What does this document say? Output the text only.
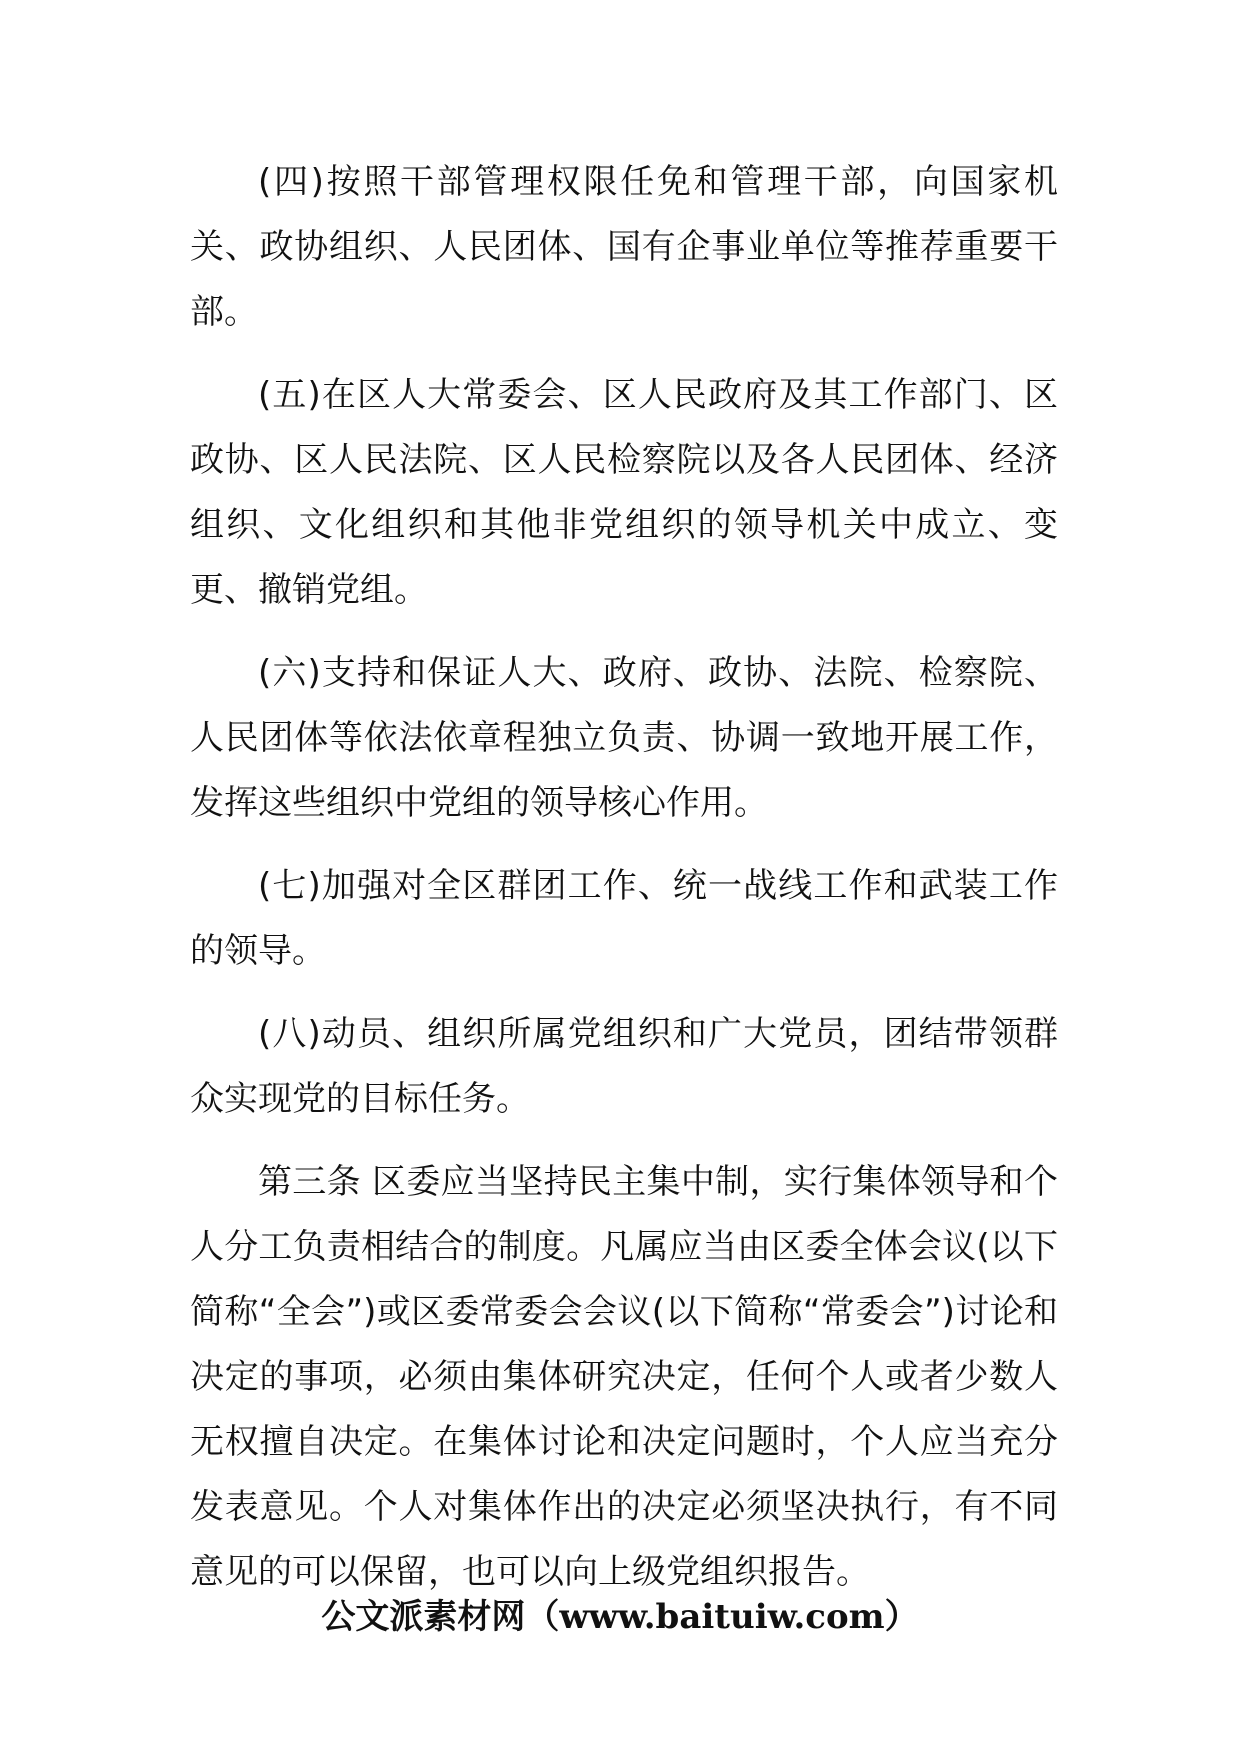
(四)按照干部管理权限任免和管理干部，向国家机关、政协组织、人民团体、国有企事业单位等推荐重要干部。

(五)在区人大常委会、区人民政府及其工作部门、区政协、区人民法院、区人民检察院以及各人民团体、经济组织、文化组织和其他非党组织的领导机关中成立、变更、撤销党组。

(六)支持和保证人大、政府、政协、法院、检察院、人民团体等依法依章程独立负责、协调一致地开展工作，发挥这些组织中党组的领导核心作用。

(七)加强对全区群团工作、统一战线工作和武装工作的领导。

(八)动员、组织所属党组织和广大党员，团结带领群众实现党的目标任务。

第三条 区委应当坚持民主集中制，实行集体领导和个人分工负责相结合的制度。凡属应当由区委全体会议(以下简称“全会”)或区委常委会会议(以下简称“常委会”)讨论和决定的事项，必须由集体研究决定，任何个人或者少数人无权擅自决定。在集体讨论和决定问题时，个人应当充分发表意见。个人对集体作出的决定必须坚决执行，有不同意见的可以保留，也可以向上级党组织报告。

公文派素材网（www.baituiw.com）
